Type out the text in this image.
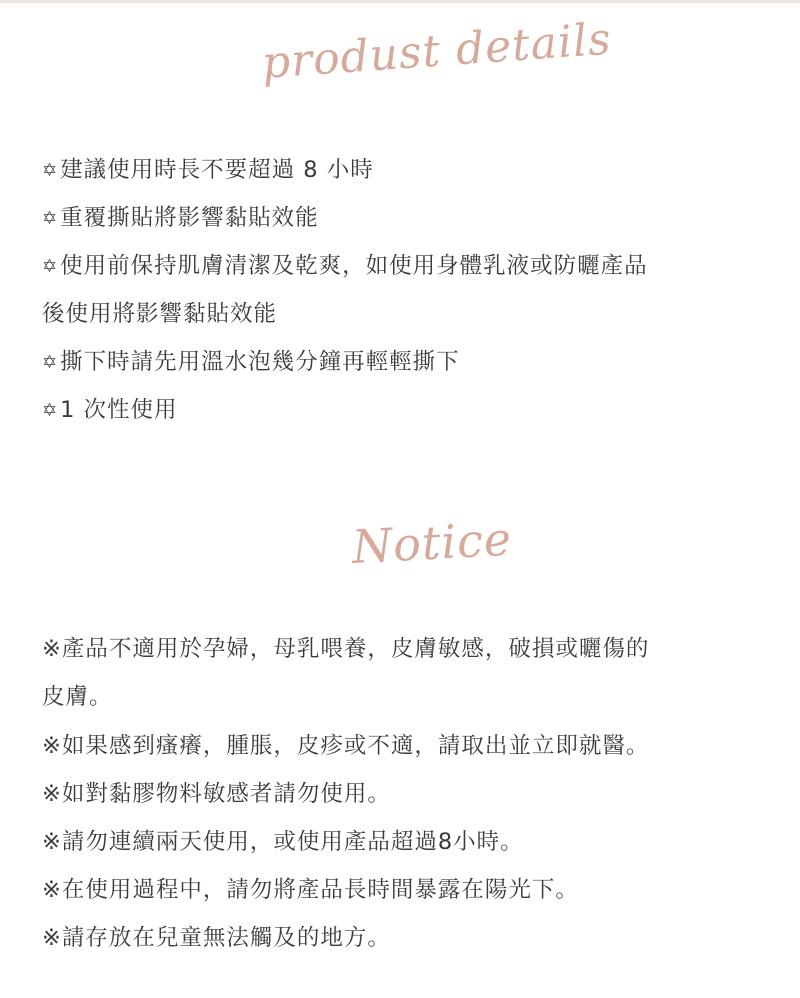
produst details
✡建議使用時長不要超過 8 小時
✡重覆撕貼將影響黏貼效能
✡使用前保持肌膚清潔及乾爽，如使用身體乳液或防曬產品
後使用將影響黏貼效能
✡撕下時請先用溫水泡幾分鐘再輕輕撕下
✡1 次性使用
Notice
※產品不適用於孕婦，母乳喂養，皮膚敏感，破損或曬傷的
皮膚。
※如果感到瘙癢，腫脹，皮疹或不適，請取出並立即就醫。
※如對黏膠物料敏感者請勿使用。
※請勿連續兩天使用，或使用產品超過8小時。
※在使用過程中，請勿將產品長時間暴露在陽光下。
※請存放在兒童無法觸及的地方。
